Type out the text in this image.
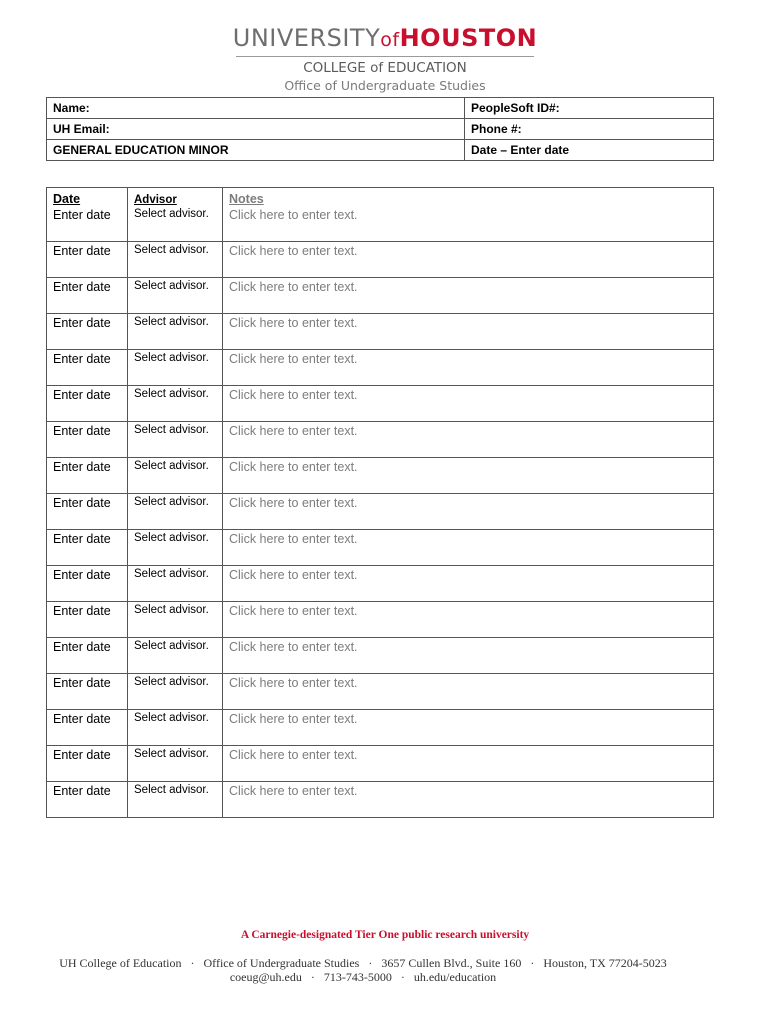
UNIVERSITYofHOUSTON
COLLEGE of EDUCATION
Office of Undergraduate Studies
Name:	PeopleSoft ID#:
UH Email:	Phone #:
GENERAL EDUCATION MINOR	Date – Enter date
Date	Advisor	Notes
Enter date	Select advisor.	Click here to enter text.
Enter date	Select advisor.	Click here to enter text.
Enter date	Select advisor.	Click here to enter text.
Enter date	Select advisor.	Click here to enter text.
Enter date	Select advisor.	Click here to enter text.
Enter date	Select advisor.	Click here to enter text.
Enter date	Select advisor.	Click here to enter text.
Enter date	Select advisor.	Click here to enter text.
Enter date	Select advisor.	Click here to enter text.
Enter date	Select advisor.	Click here to enter text.
Enter date	Select advisor.	Click here to enter text.
Enter date	Select advisor.	Click here to enter text.
Enter date	Select advisor.	Click here to enter text.
Enter date	Select advisor.	Click here to enter text.
Enter date	Select advisor.	Click here to enter text.
Enter date	Select advisor.	Click here to enter text.
Enter date	Select advisor.	Click here to enter text.
A Carnegie-designated Tier One public research university
UH College of Education   ·   Office of Undergraduate Studies   ·   3657 Cullen Blvd., Suite 160   ·   Houston, TX 77204-5023
coeug@uh.edu   ·   713-743-5000   ·   uh.edu/education
